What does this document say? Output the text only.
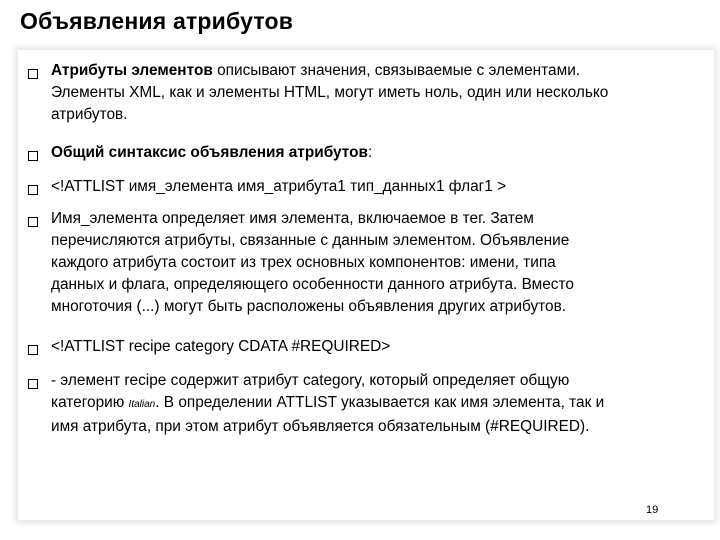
Объявления атрибутов
Атрибуты элементов описывают значения, связываемые с элементами.
Элементы XML, как и элементы HTML, могут иметь ноль, один или несколько
атрибутов.
Общий синтаксис объявления атрибутов:
<!ATTLIST имя_элемента имя_атрибута1 тип_данных1 флаг1 >
Имя_элемента определяет имя элемента, включаемое в тег. Затем
перечисляются атрибуты, связанные с данным элементом. Объявление
каждого атрибута состоит из трех основных компонентов: имени, типа
данных и флага, определяющего особенности данного атрибута. Вместо
многоточия (...) могут быть расположены объявления других атрибутов.
<!ATTLIST recipe category CDATA #REQUIRED>
- элемент recipe содержит атрибут category, который определяет общую
категорию Italian. В определении ATTLIST указывается как имя элемента, так и
имя атрибута, при этом атрибут объявляется обязательным (#REQUIRED).
19
